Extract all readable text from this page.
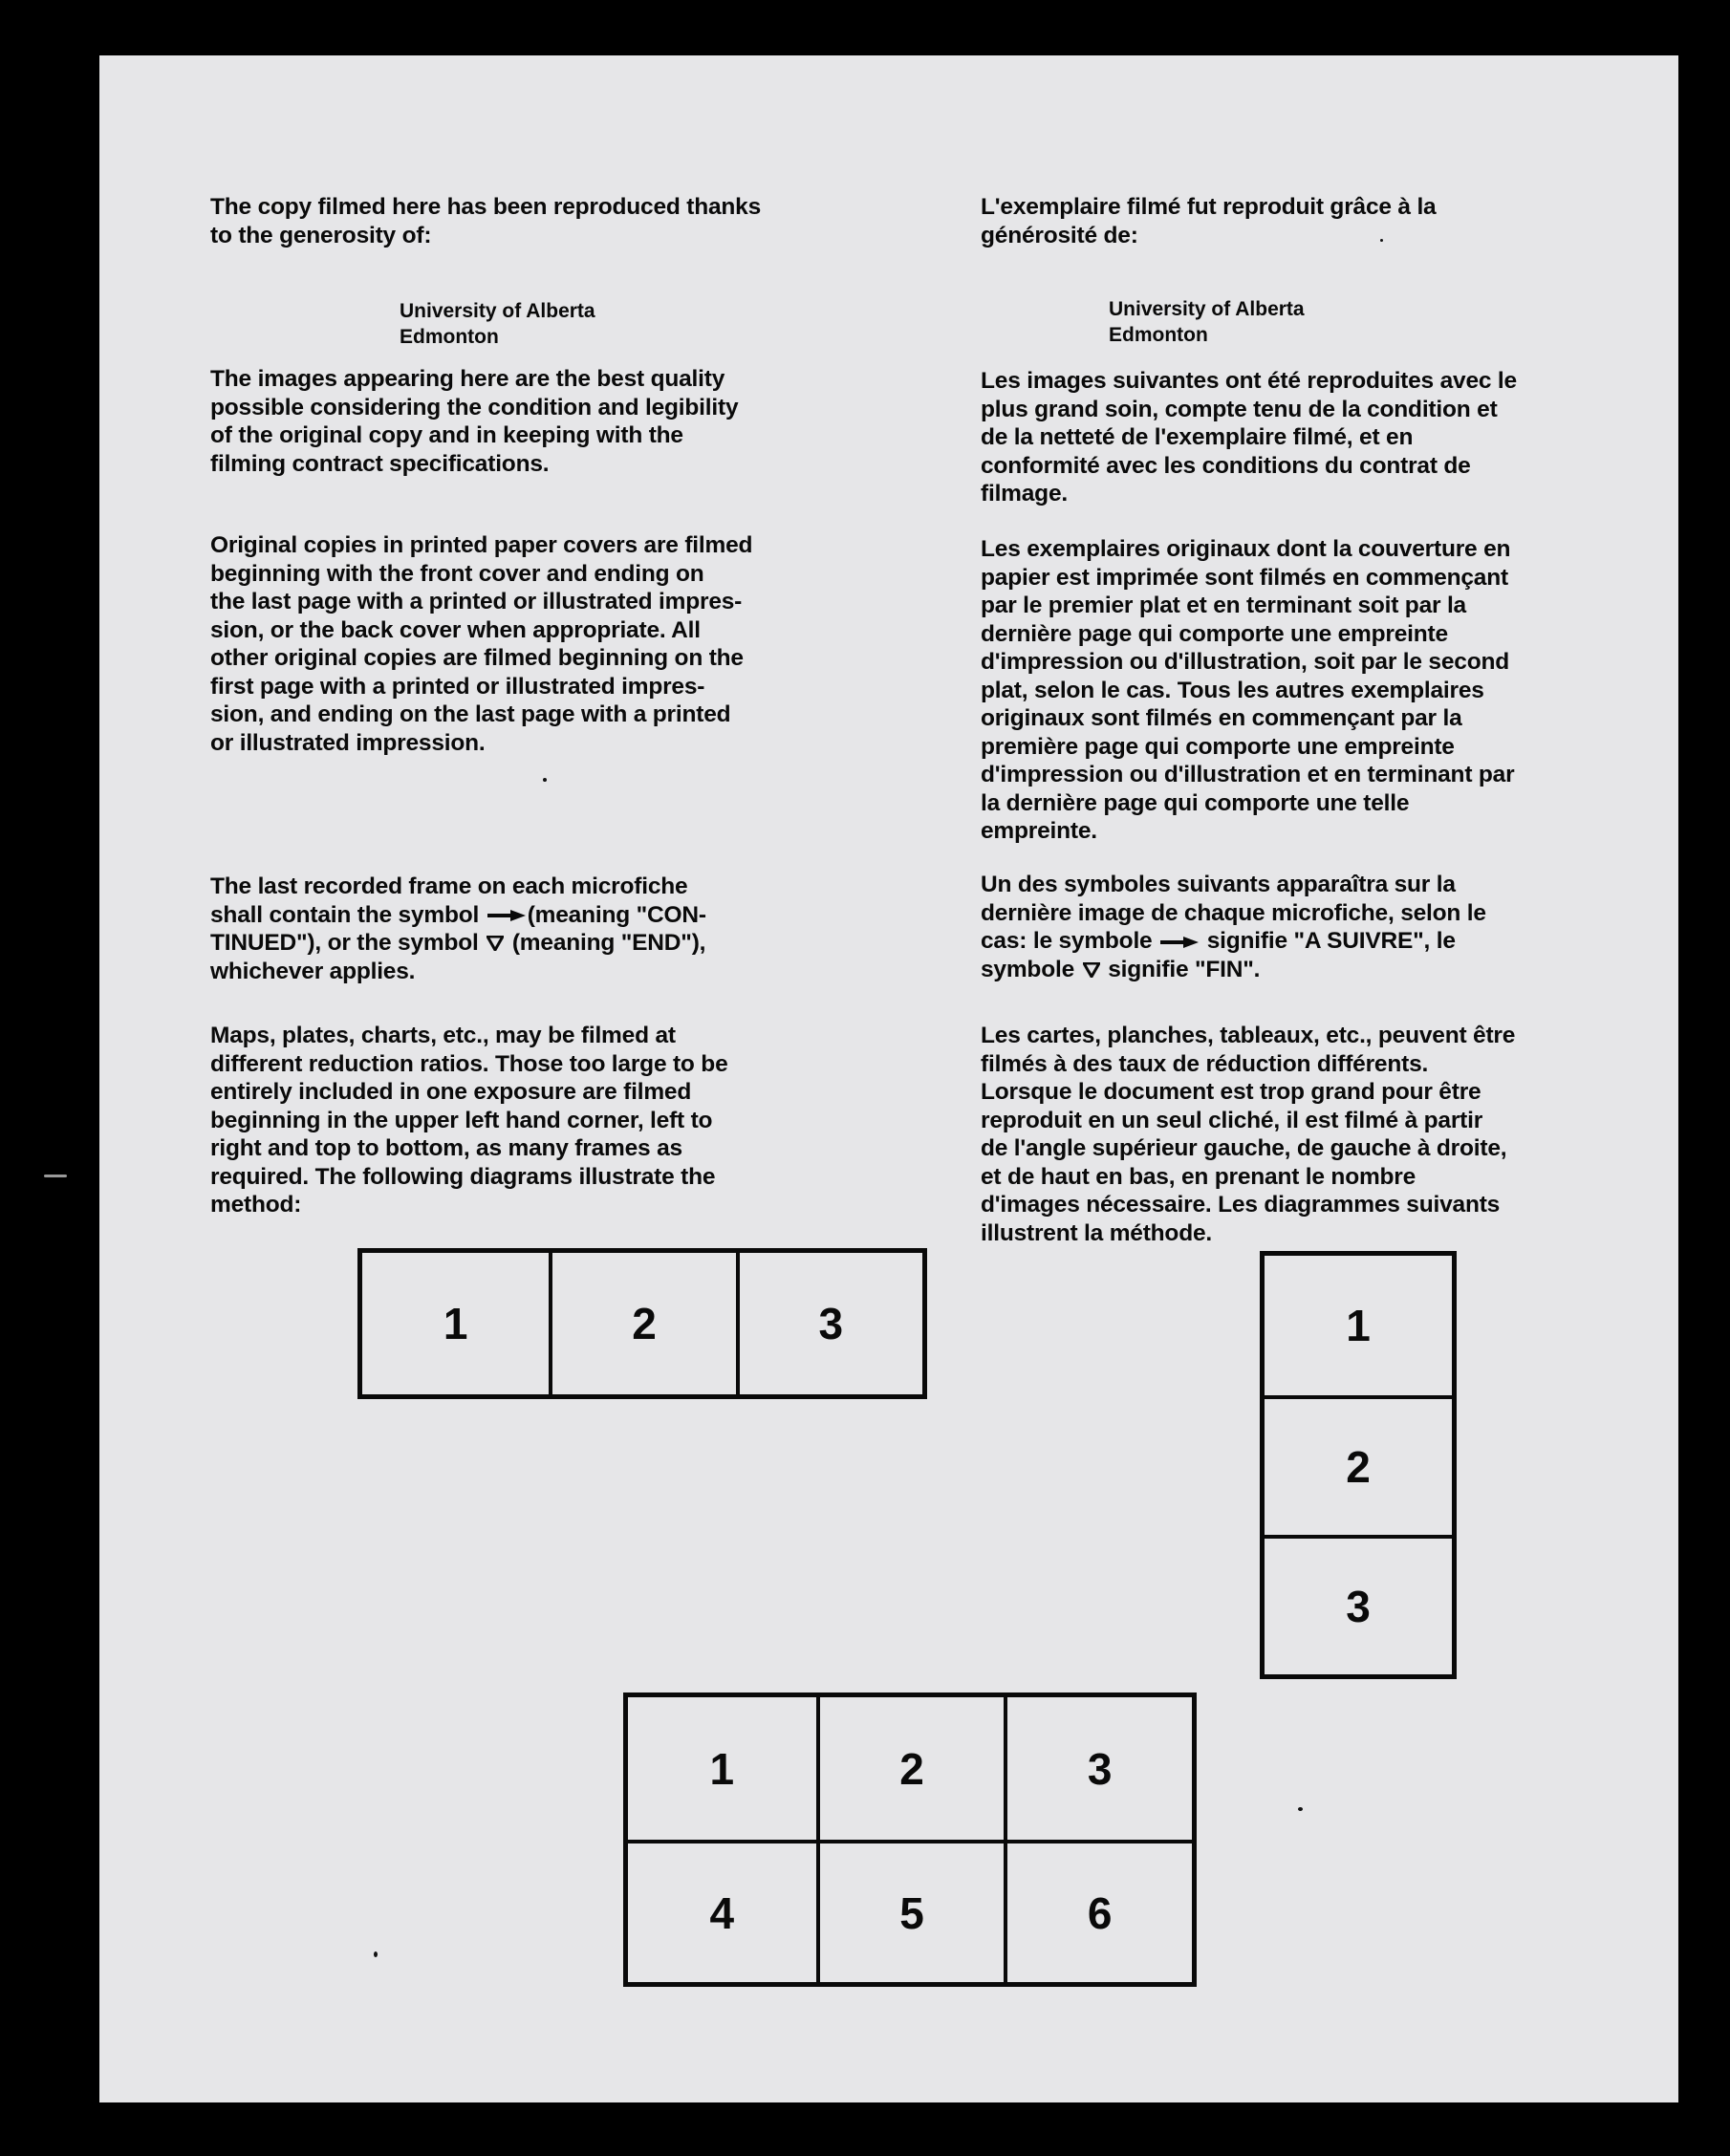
The copy filmed here has been reproduced thanks
to the generosity of:

University of Alberta
Edmonton

The images appearing here are the best quality
possible considering the condition and legibility
of the original copy and in keeping with the
filming contract specifications.

Original copies in printed paper covers are filmed
beginning with the front cover and ending on
the last page with a printed or illustrated impres-
sion, or the back cover when appropriate. All
other original copies are filmed beginning on the
first page with a printed or illustrated impres-
sion, and ending on the last page with a printed
or illustrated impression.

The last recorded frame on each microfiche
shall contain the symbol (meaning "CON-
TINUED"), or the symbol (meaning "END"),
whichever applies.

Maps, plates, charts, etc., may be filmed at
different reduction ratios. Those too large to be
entirely included in one exposure are filmed
beginning in the upper left hand corner, left to
right and top to bottom, as many frames as
required. The following diagrams illustrate the
method:

L'exemplaire filmé fut reproduit grâce à la
générosité de:

University of Alberta
Edmonton

Les images suivantes ont été reproduites avec le
plus grand soin, compte tenu de la condition et
de la netteté de l'exemplaire filmé, et en
conformité avec les conditions du contrat de
filmage.

Les exemplaires originaux dont la couverture en
papier est imprimée sont filmés en commençant
par le premier plat et en terminant soit par la
dernière page qui comporte une empreinte
d'impression ou d'illustration, soit par le second
plat, selon le cas. Tous les autres exemplaires
originaux sont filmés en commençant par la
première page qui comporte une empreinte
d'impression ou d'illustration et en terminant par
la dernière page qui comporte une telle
empreinte.

Un des symboles suivants apparaîtra sur la
dernière image de chaque microfiche, selon le
cas: le symbole signifie "A SUIVRE", le
symbole signifie "FIN".

Les cartes, planches, tableaux, etc., peuvent être
filmés à des taux de réduction différents.
Lorsque le document est trop grand pour être
reproduit en un seul cliché, il est filmé à partir
de l'angle supérieur gauche, de gauche à droite,
et de haut en bas, en prenant le nombre
d'images nécessaire. Les diagrammes suivants
illustrent la méthode.

1	2	3	1
2
3
1	2	3
4	5	6
